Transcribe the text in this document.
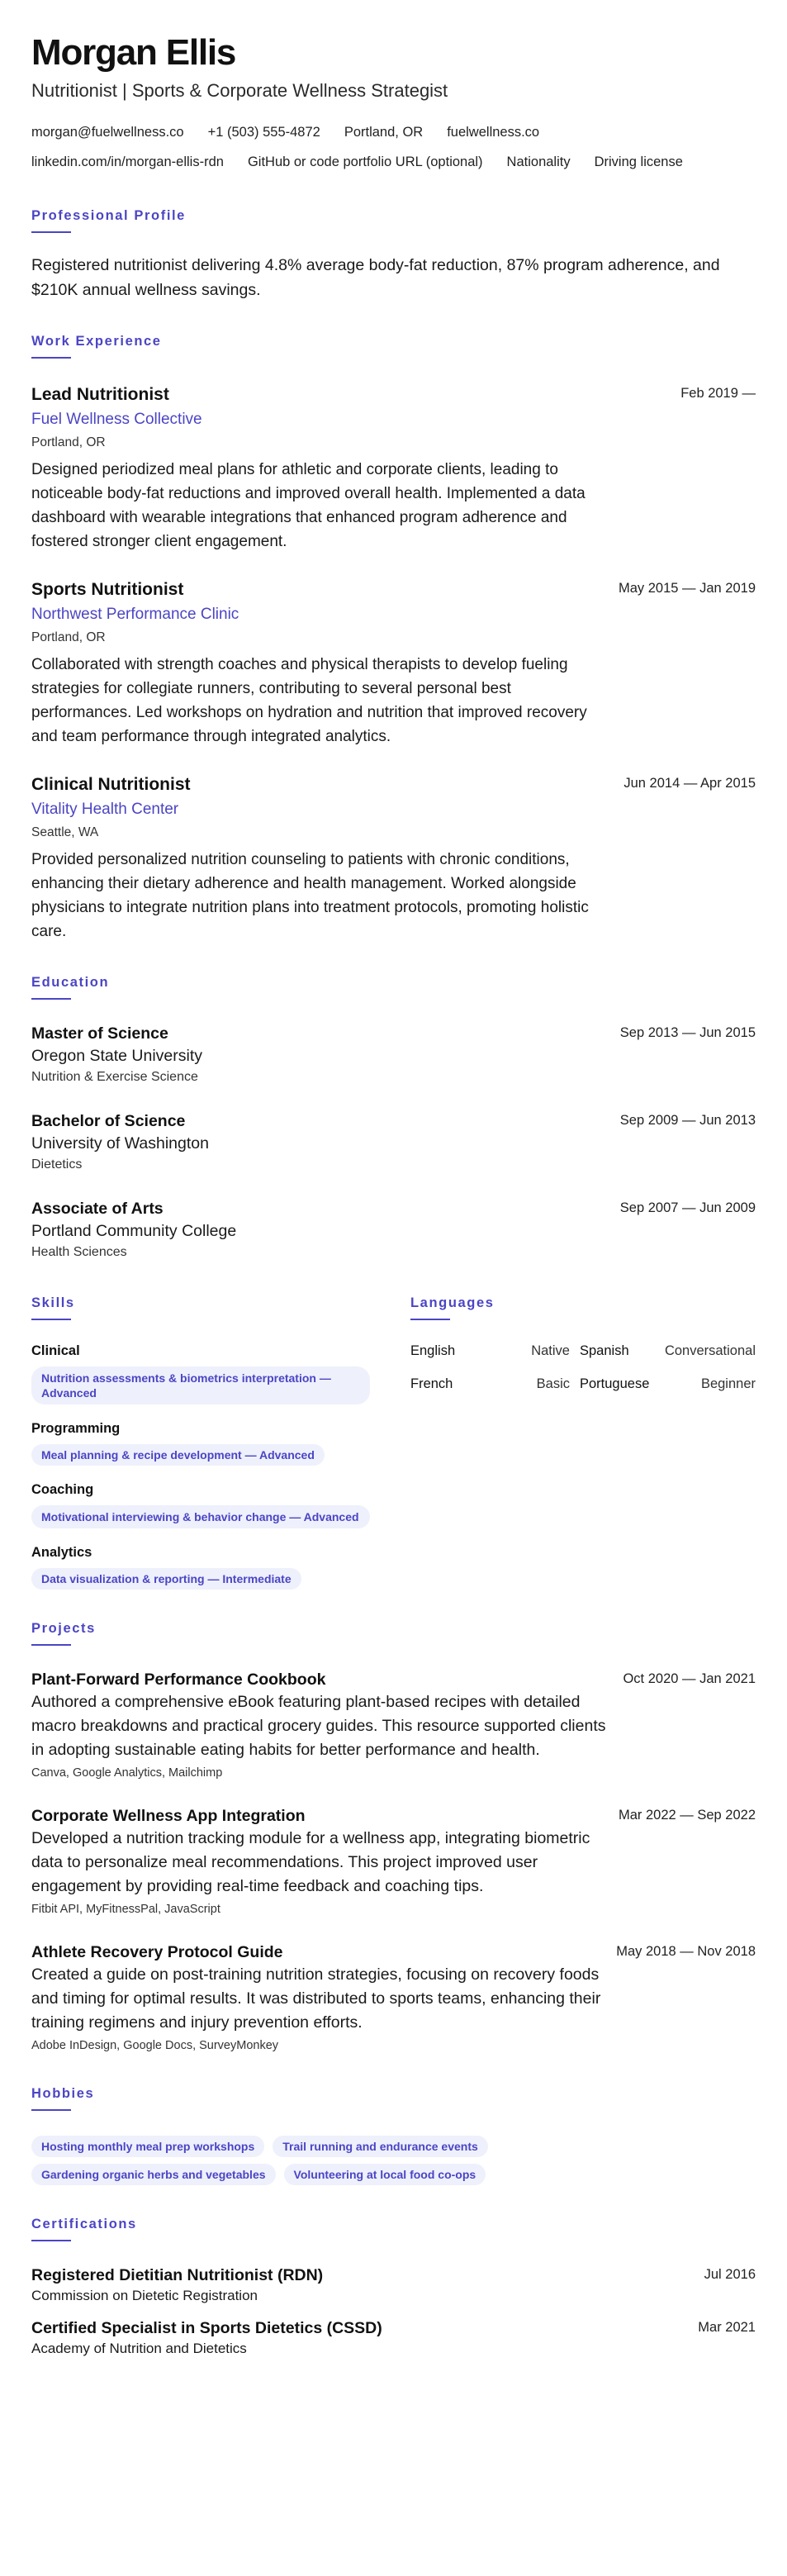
Morgan Ellis
Nutritionist | Sports & Corporate Wellness Strategist
morgan@fuelwellness.co +1 (503) 555-4872 Portland, OR fuelwellness.co
linkedin.com/in/morgan-ellis-rdn GitHub or code portfolio URL (optional) Nationality Driving license
Professional Profile

Registered nutritionist delivering 4.8% average body-fat reduction, 87% program adherence, and $210K annual wellness savings.

Work Experience
Lead Nutritionist	Feb 2019 —
Fuel Wellness Collective
Portland, OR

Designed periodized meal plans for athletic and corporate clients, leading to noticeable body-fat reductions and improved overall health. Implemented a data dashboard with wearable integrations that enhanced program adherence and fostered stronger client engagement.

Sports Nutritionist	May 2015 — Jan 2019
Northwest Performance Clinic
Portland, OR

Collaborated with strength coaches and physical therapists to develop fueling strategies for collegiate runners, contributing to several personal best performances. Led workshops on hydration and nutrition that improved recovery and team performance through integrated analytics.

Clinical Nutritionist	Jun 2014 — Apr 2015
Vitality Health Center
Seattle, WA

Provided personalized nutrition counseling to patients with chronic conditions, enhancing their dietary adherence and health management. Worked alongside physicians to integrate nutrition plans into treatment protocols, promoting holistic care.

Education
Master of Science	Sep 2013 — Jun 2015
Oregon State University
Nutrition & Exercise Science
Bachelor of Science	Sep 2009 — Jun 2013
University of Washington
Dietetics
Associate of Arts	Sep 2007 — Jun 2009
Portland Community College
Health Sciences
Skills
Clinical
Nutrition assessments & biometrics interpretation — Advanced
Programming
Meal planning & recipe development — Advanced
Coaching
Motivational interviewing & behavior change — Advanced
Analytics
Data visualization & reporting — Intermediate
Languages
English	Native Spanish	Conversational
French	Basic Portuguese	Beginner
Projects
Plant-Forward Performance Cookbook	Oct 2020 — Jan 2021

Authored a comprehensive eBook featuring plant-based recipes with detailed macro breakdowns and practical grocery guides. This resource supported clients in adopting sustainable eating habits for better performance and health.

Canva, Google Analytics, Mailchimp
Corporate Wellness App Integration	Mar 2022 — Sep 2022

Developed a nutrition tracking module for a wellness app, integrating biometric data to personalize meal recommendations. This project improved user engagement by providing real-time feedback and coaching tips.

Fitbit API, MyFitnessPal, JavaScript
Athlete Recovery Protocol Guide	May 2018 — Nov 2018

Created a guide on post-training nutrition strategies, focusing on recovery foods and timing for optimal results. It was distributed to sports teams, enhancing their training regimens and injury prevention efforts.

Adobe InDesign, Google Docs, SurveyMonkey
Hobbies
Hosting monthly meal prep workshops Trail running and endurance events
Gardening organic herbs and vegetables Volunteering at local food co-ops
Certifications
Registered Dietitian Nutritionist (RDN)	Jul 2016
Commission on Dietetic Registration
Certified Specialist in Sports Dietetics (CSSD)	Mar 2021
Academy of Nutrition and Dietetics
